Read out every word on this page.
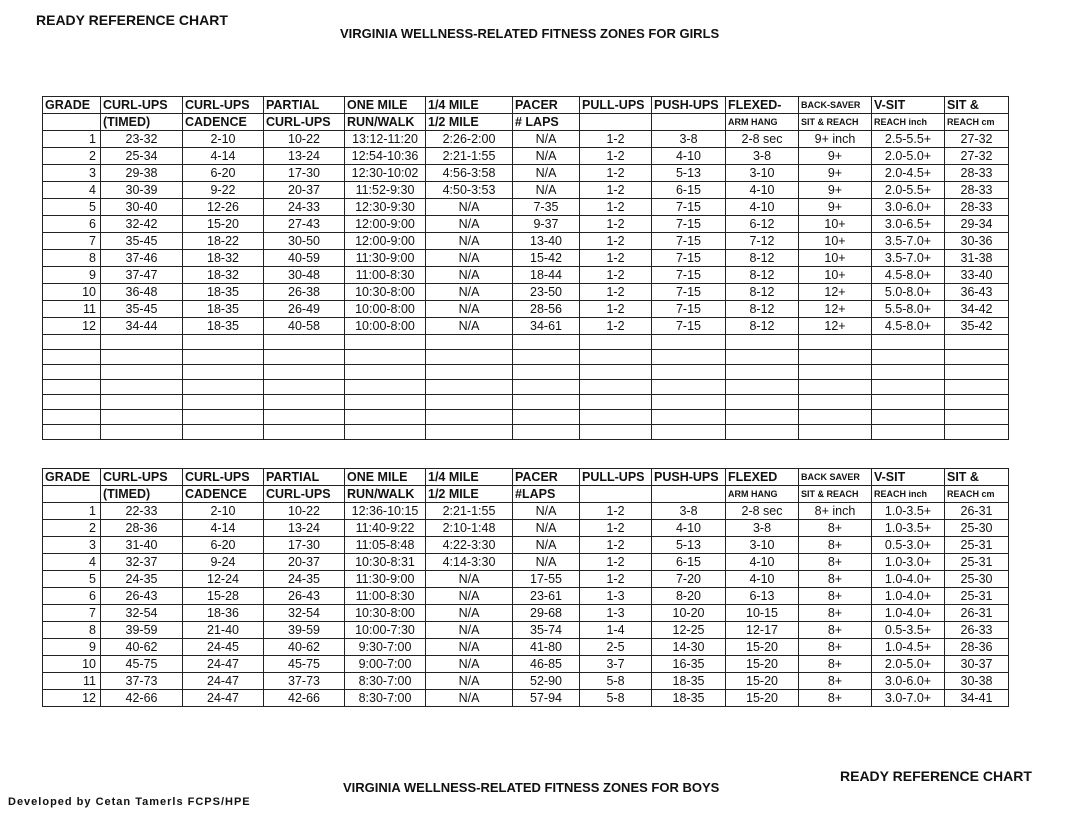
READY REFERENCE CHART
VIRGINIA WELLNESS-RELATED FITNESS ZONES FOR GIRLS
GRADE	CURL-UPS	CURL-UPS	PARTIAL	ONE MILE	1/4 MILE	PACER	PULL-UPS	PUSH-UPS	FLEXED-	BACK-SAVER	V-SIT	SIT &
	(TIMED)	CADENCE	CURL-UPS	RUN/WALK	1/2 MILE	# LAPS			ARM HANG	SIT & REACH	REACH inch	REACH cm
1	23-32	2-10	10-22	13:12-11:20	2:26-2:00	N/A	1-2	3-8	2-8 sec	9+ inch	2.5-5.5+	27-32
2	25-34	4-14	13-24	12:54-10:36	2:21-1:55	N/A	1-2	4-10	3-8	9+	2.0-5.0+	27-32
3	29-38	6-20	17-30	12:30-10:02	4:56-3:58	N/A	1-2	5-13	3-10	9+	2.0-4.5+	28-33
4	30-39	9-22	20-37	11:52-9:30	4:50-3:53	N/A	1-2	6-15	4-10	9+	2.0-5.5+	28-33
5	30-40	12-26	24-33	12:30-9:30	N/A	7-35	1-2	7-15	4-10	9+	3.0-6.0+	28-33
6	32-42	15-20	27-43	12:00-9:00	N/A	9-37	1-2	7-15	6-12	10+	3.0-6.5+	29-34
7	35-45	18-22	30-50	12:00-9:00	N/A	13-40	1-2	7-15	7-12	10+	3.5-7.0+	30-36
8	37-46	18-32	40-59	11:30-9:00	N/A	15-42	1-2	7-15	8-12	10+	3.5-7.0+	31-38
9	37-47	18-32	30-48	11:00-8:30	N/A	18-44	1-2	7-15	8-12	10+	4.5-8.0+	33-40
10	36-48	18-35	26-38	10:30-8:00	N/A	23-50	1-2	7-15	8-12	12+	5.0-8.0+	36-43
11	35-45	18-35	26-49	10:00-8:00	N/A	28-56	1-2	7-15	8-12	12+	5.5-8.0+	34-42
12	34-44	18-35	40-58	10:00-8:00	N/A	34-61	1-2	7-15	8-12	12+	4.5-8.0+	35-42

GRADE	CURL-UPS	CURL-UPS	PARTIAL	ONE MILE	1/4 MILE	PACER	PULL-UPS	PUSH-UPS	FLEXED	BACK SAVER	V-SIT	SIT &
	(TIMED)	CADENCE	CURL-UPS	RUN/WALK	1/2 MILE	#LAPS			ARM HANG	SIT & REACH	REACH inch	REACH cm
1	22-33	2-10	10-22	12:36-10:15	2:21-1:55	N/A	1-2	3-8	2-8 sec	8+ inch	1.0-3.5+	26-31
2	28-36	4-14	13-24	11:40-9:22	2:10-1:48	N/A	1-2	4-10	3-8	8+	1.0-3.5+	25-30
3	31-40	6-20	17-30	11:05-8:48	4:22-3:30	N/A	1-2	5-13	3-10	8+	0.5-3.0+	25-31
4	32-37	9-24	20-37	10:30-8:31	4:14-3:30	N/A	1-2	6-15	4-10	8+	1.0-3.0+	25-31
5	24-35	12-24	24-35	11:30-9:00	N/A	17-55	1-2	7-20	4-10	8+	1.0-4.0+	25-30
6	26-43	15-28	26-43	11:00-8:30	N/A	23-61	1-3	8-20	6-13	8+	1.0-4.0+	25-31
7	32-54	18-36	32-54	10:30-8:00	N/A	29-68	1-3	10-20	10-15	8+	1.0-4.0+	26-31
8	39-59	21-40	39-59	10:00-7:30	N/A	35-74	1-4	12-25	12-17	8+	0.5-3.5+	26-33
9	40-62	24-45	40-62	9:30-7:00	N/A	41-80	2-5	14-30	15-20	8+	1.0-4.5+	28-36
10	45-75	24-47	45-75	9:00-7:00	N/A	46-85	3-7	16-35	15-20	8+	2.0-5.0+	30-37
11	37-73	24-47	37-73	8:30-7:00	N/A	52-90	5-8	18-35	15-20	8+	3.0-6.0+	30-38
12	42-66	24-47	42-66	8:30-7:00	N/A	57-94	5-8	18-35	15-20	8+	3.0-7.0+	34-41
VIRGINIA WELLNESS-RELATED FITNESS ZONES FOR BOYS
READY REFERENCE CHART
Developed by Cetan Tamerls FCPS/HPE
